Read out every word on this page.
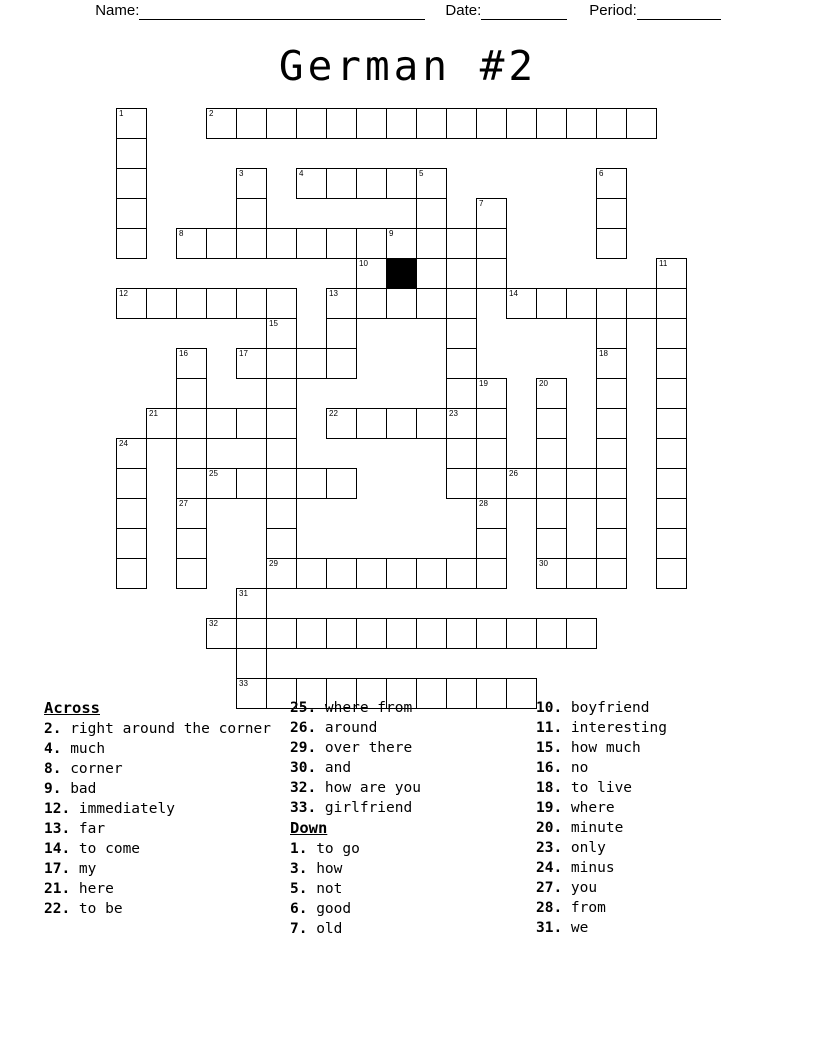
Name:

	Date:

	Period:

German #2
1	2
3	4	5	6
7
8	9
10	11
12	13	14
15
16	17	18
19	20
21	22	23
24
25	26
27	28
29	30
31
32
33
Across
2. right around the corner
4. much
8. corner
9. bad
12. immediately
13. far
14. to come
17. my
21. here
22. to be
25. where from
26. around
29. over there
30. and
32. how are you
33. girlfriend
Down
1. to go
3. how
5. not
6. good
7. old
10. boyfriend
11. interesting
15. how much
16. no
18. to live
19. where
20. minute
23. only
24. minus
27. you
28. from
31. we
